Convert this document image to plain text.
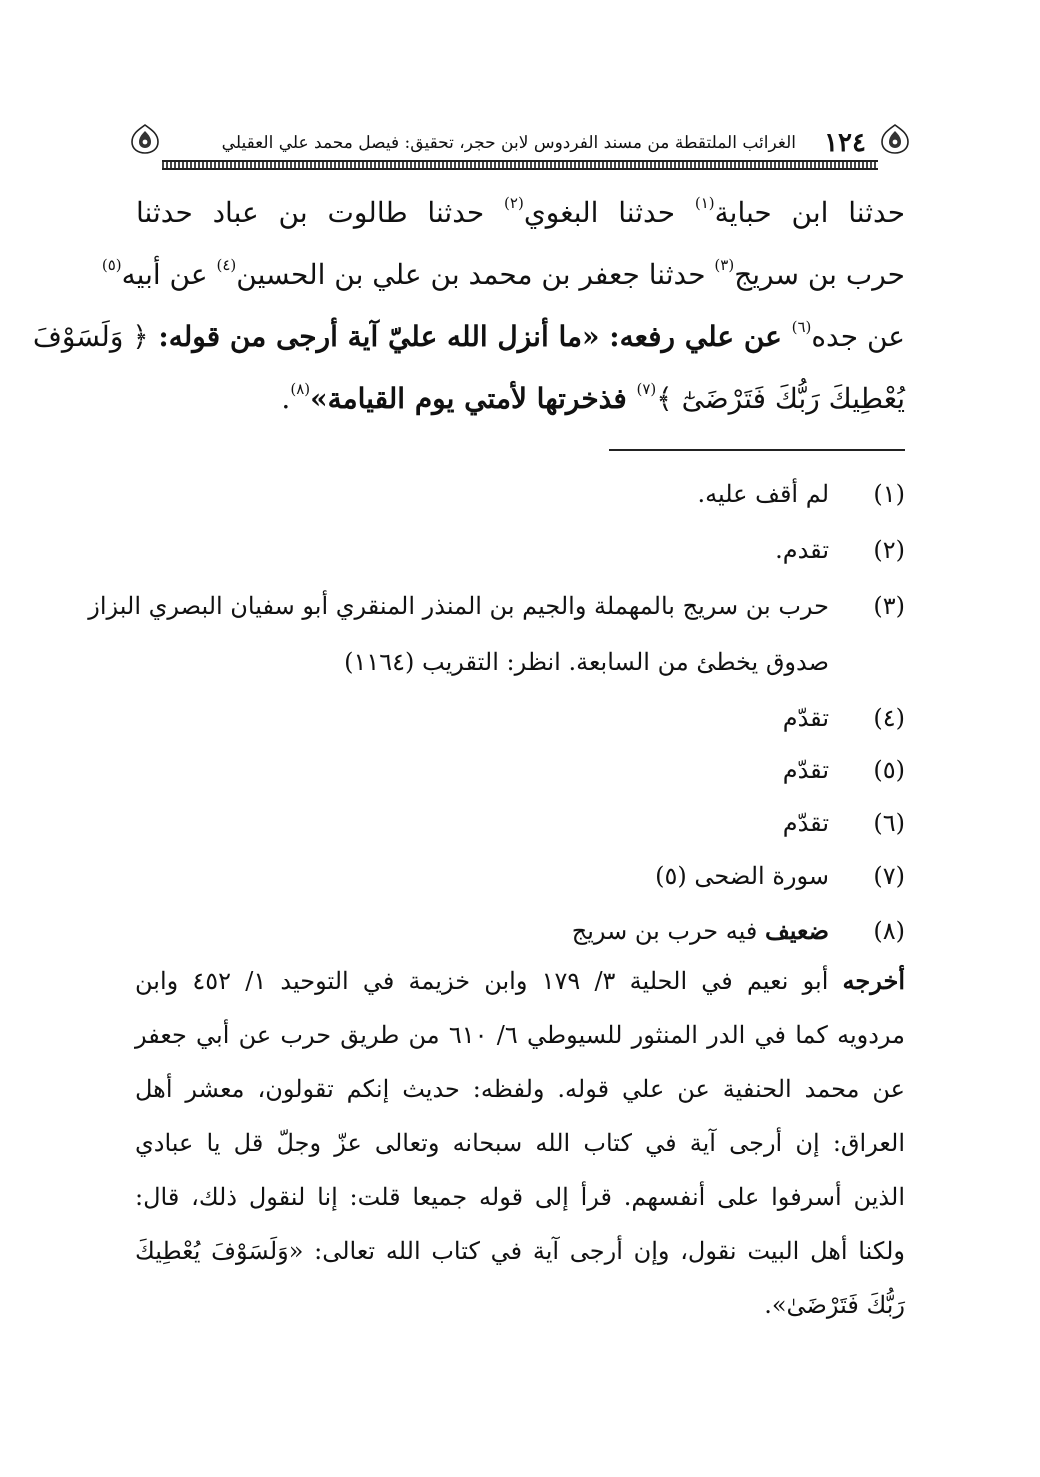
١٢٤
الغرائب الملتقطة من مسند الفردوس لابن حجر، تحقيق: فيصل محمد علي العقيلي
حدثنا ابن حباية$^{(١)}$ حدثنا البغوي$^{(٢)}$ حدثنا طالوت بن عباد حدثنا
حرب بن سريج$^{(٣)}$ حدثنا جعفر بن محمد بن علي بن الحسين$^{(٤)}$ عن أبيه$^{(٥)}$
عن جده$^{(٦)}$ عن علي رفعه: «ما أنزل الله عليّ آية أرجى من قوله: ﴿ وَلَسَوْفَ
يُعْطِيكَ رَبُّكَ فَتَرْضَىٰٓ ﴾$^{(٧)}$ فذخرتها لأمتي يوم القيامة»$^{(٨)}$.
(١)
لم أقف عليه.
(٢)
تقدم.
(٣)
حرب بن سريج بالمهملة والجيم بن المنذر المنقري أبو سفيان البصري البزاز
صدوق يخطئ من السابعة. انظر: التقريب (١١٦٤)
(٤)
تقدّم
(٥)
تقدّم
(٦)
تقدّم
(٧)
سورة الضحى (٥)
(٨)
ضعيف فيه حرب بن سريج
أخرجه أبو نعيم في الحلية ٣/ ١٧٩ وابن خزيمة في التوحيد ١/ ٤٥٢ وابن
مردويه كما في الدر المنثور للسيوطي ٦/ ٦١٠ من طريق حرب عن أبي جعفر
عن محمد الحنفية عن علي قوله. ولفظه: حديث إنكم تقولون، معشر أهل
العراق: إن أرجى آية في كتاب الله سبحانه وتعالى عزّ وجلّ قل يا عبادي
الذين أسرفوا على أنفسهم. قرأ إلى قوله جميعا قلت: إنا لنقول ذلك، قال:
ولكنا أهل البيت نقول، وإن أرجى آية في كتاب الله تعالى: «وَلَسَوْفَ يُعْطِيكَ
رَبُّكَ فَتَرْضَىٰ».
